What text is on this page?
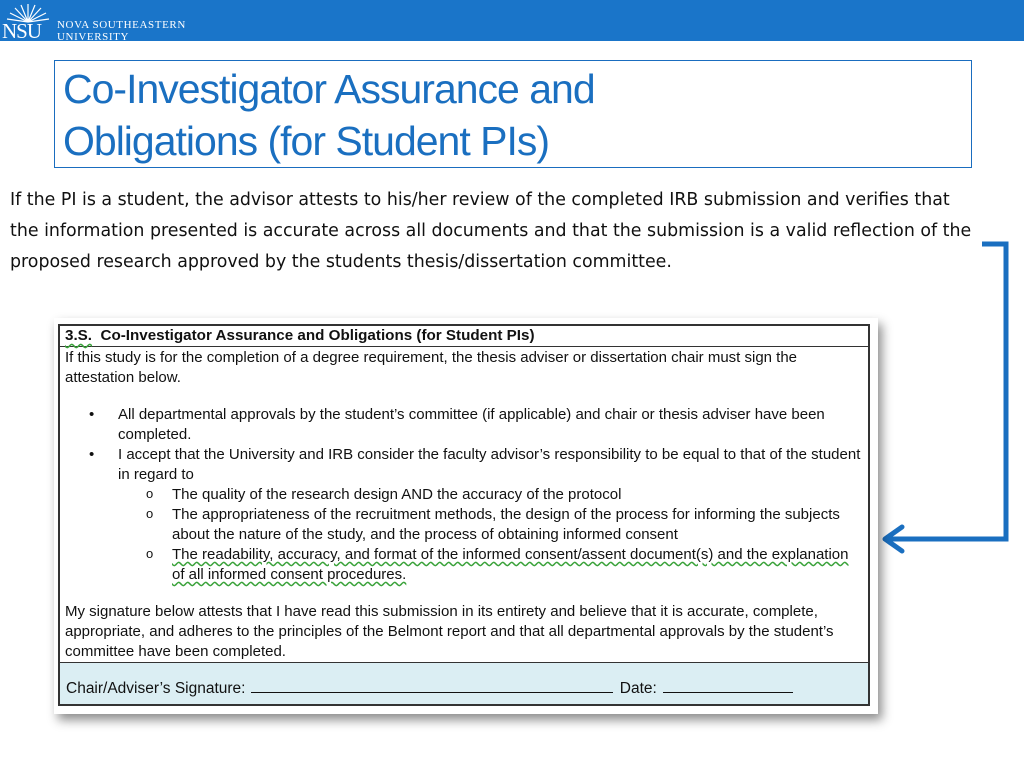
NSU NOVA SOUTHEASTERN
UNIVERSITY
Co-Investigator Assurance and
Obligations (for Student PIs)

If the PI is a student, the advisor attests to his/her review of the completed IRB submission and verifies that the information presented is accurate across all documents and that the submission is a valid reflection of the proposed research approved by the students thesis/dissertation committee.

3.S. Co-Investigator Assurance and Obligations (for Student PIs)

If this study is for the completion of a degree requirement, the thesis adviser or dissertation chair must sign the attestation below.

• All departmental approvals by the student’s committee (if applicable) and chair or thesis adviser have been completed.
• I accept that the University and IRB consider the faculty advisor’s responsibility to be equal to that of the student in regard to
o The quality of the research design AND the accuracy of the protocol
o The appropriateness of the recruitment methods, the design of the process for informing the subjects about the nature of the study, and the process of obtaining informed consent
o The readability, accuracy, and format of the informed consent/assent document(s) and the explanation of all informed consent procedures.

My signature below attests that I have read this submission in its entirety and believe that it is accurate, complete, appropriate, and adheres to the principles of the Belmont report and that all departmental approvals by the student’s committee have been completed.

Chair/Adviser’s Signature:	Date:
